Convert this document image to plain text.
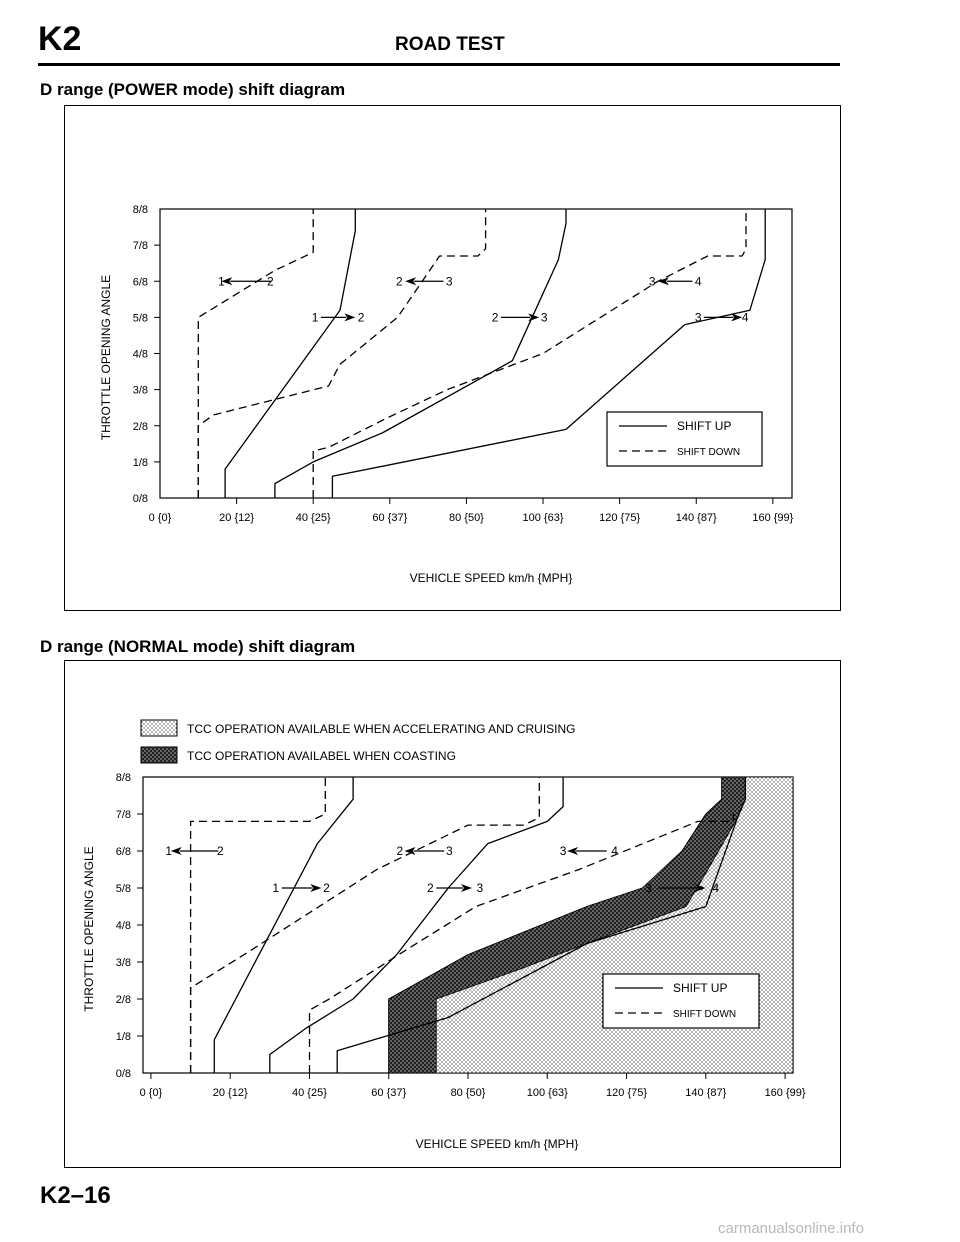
K2	ROAD TEST
D range (POWER mode) shift diagram
1	2	2	3	3	4
1	2	2	3	3	4
0/8
1/8
2/8
3/8
4/8
5/8
6/8
7/8
8/8
0 {0}	20 {12}	40 {25}	60 {37}	80 {50}	100 {63}	120 {75}	140 {87}	160 {99}
THROTTLE OPENING ANGLE
VEHICLE SPEED km/h {MPH}
SHIFT UP
SHIFT DOWN
D range (NORMAL mode) shift diagram
1	2	2	3	3	4
1	2	2	3	3	4
0/8
1/8
2/8
3/8
4/8
5/8
6/8
7/8
8/8
0 {0}	20 {12}	40 {25}	60 {37}	80 {50}	100 {63}	120 {75}	140 {87}	160 {99}
THROTTLE OPENING ANGLE
VEHICLE SPEED km/h {MPH}
SHIFT UP
SHIFT DOWN
TCC OPERATION AVAILABLE WHEN ACCELERATING AND CRUISING
TCC OPERATION AVAILABEL WHEN COASTING
K2–16
carmanualsonline.info
